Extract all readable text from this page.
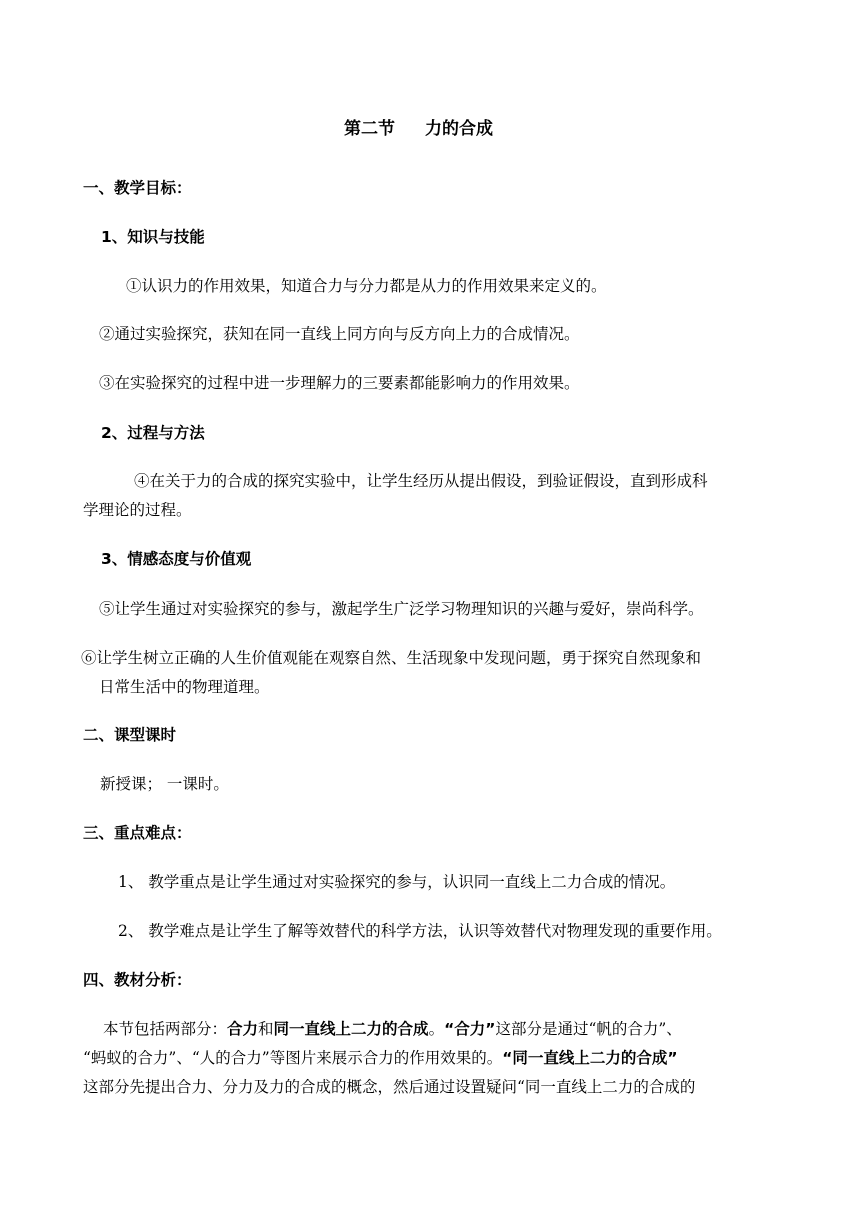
第二节 力的合成
一、教学目标：
1、知识与技能
①认识力的作用效果，知道合力与分力都是从力的作用效果来定义的。
②通过实验探究，获知在同一直线上同方向与反方向上力的合成情况。
③在实验探究的过程中进一步理解力的三要素都能影响力的作用效果。
2、过程与方法
④在关于力的合成的探究实验中，让学生经历从提出假设，到验证假设，直到形成科
学理论的过程。
3、情感态度与价值观
⑤让学生通过对实验探究的参与，激起学生广泛学习物理知识的兴趣与爱好，崇尚科学。
⑥让学生树立正确的人生价值观能在观察自然、生活现象中发现问题，勇于探究自然现象和
日常生活中的物理道理。
二、课型课时
新授课； 一课时。
三、重点难点：
1、 教学重点是让学生通过对实验探究的参与，认识同一直线上二力合成的情况。
2、 教学难点是让学生了解等效替代的科学方法，认识等效替代对物理发现的重要作用。
四、教材分析：
本节包括两部分：合力和同一直线上二力的合成。“合力”这部分是通过“帆的合力”、
“蚂蚁的合力”、“人的合力”等图片来展示合力的作用效果的。“同一直线上二力的合成”
这部分先提出合力、分力及力的合成的概念，然后通过设置疑问“同一直线上二力的合成的
